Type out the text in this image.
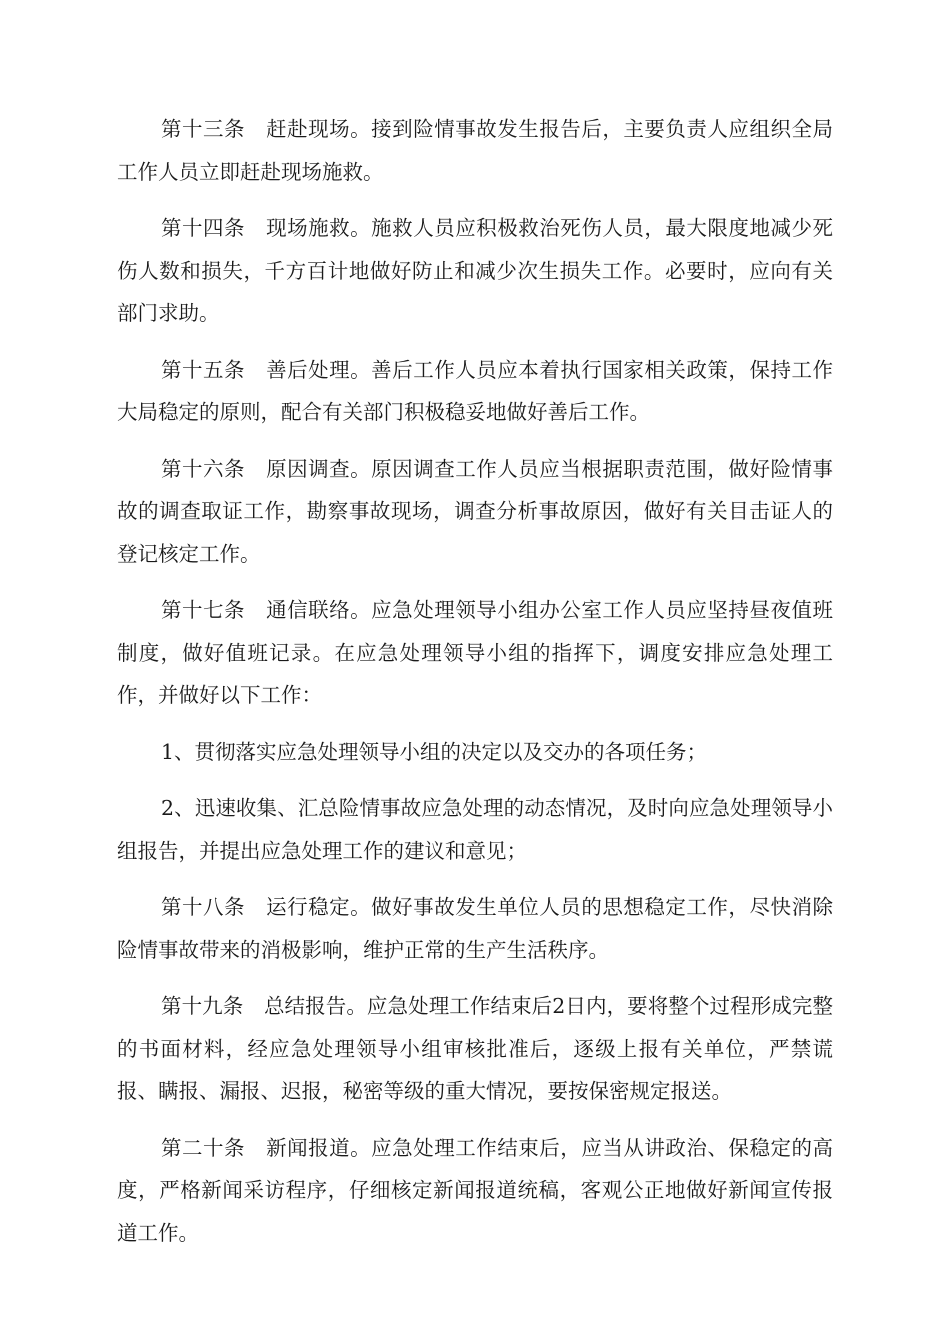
第十三条　赶赴现场。接到险情事故发生报告后，主要负责人应组织全局工作人员立即赶赴现场施救。

第十四条　现场施救。施救人员应积极救治死伤人员，最大限度地减少死伤人数和损失，千方百计地做好防止和减少次生损失工作。必要时，应向有关部门求助。

第十五条　善后处理。善后工作人员应本着执行国家相关政策，保持工作大局稳定的原则，配合有关部门积极稳妥地做好善后工作。

第十六条　原因调查。原因调查工作人员应当根据职责范围，做好险情事故的调查取证工作，勘察事故现场，调查分析事故原因，做好有关目击证人的登记核定工作。

第十七条　通信联络。应急处理领导小组办公室工作人员应坚持昼夜值班制度，做好值班记录。在应急处理领导小组的指挥下，调度安排应急处理工作，并做好以下工作：

1、贯彻落实应急处理领导小组的决定以及交办的各项任务；

2、迅速收集、汇总险情事故应急处理的动态情况，及时向应急处理领导小组报告，并提出应急处理工作的建议和意见；

第十八条　运行稳定。做好事故发生单位人员的思想稳定工作，尽快消除险情事故带来的消极影响，维护正常的生产生活秩序。

第十九条　总结报告。应急处理工作结束后2日内，要将整个过程形成完整的书面材料，经应急处理领导小组审核批准后，逐级上报有关单位，严禁谎报、瞒报、漏报、迟报，秘密等级的重大情况，要按保密规定报送。

第二十条　新闻报道。应急处理工作结束后，应当从讲政治、保稳定的高度，严格新闻采访程序，仔细核定新闻报道统稿，客观公正地做好新闻宣传报道工作。
